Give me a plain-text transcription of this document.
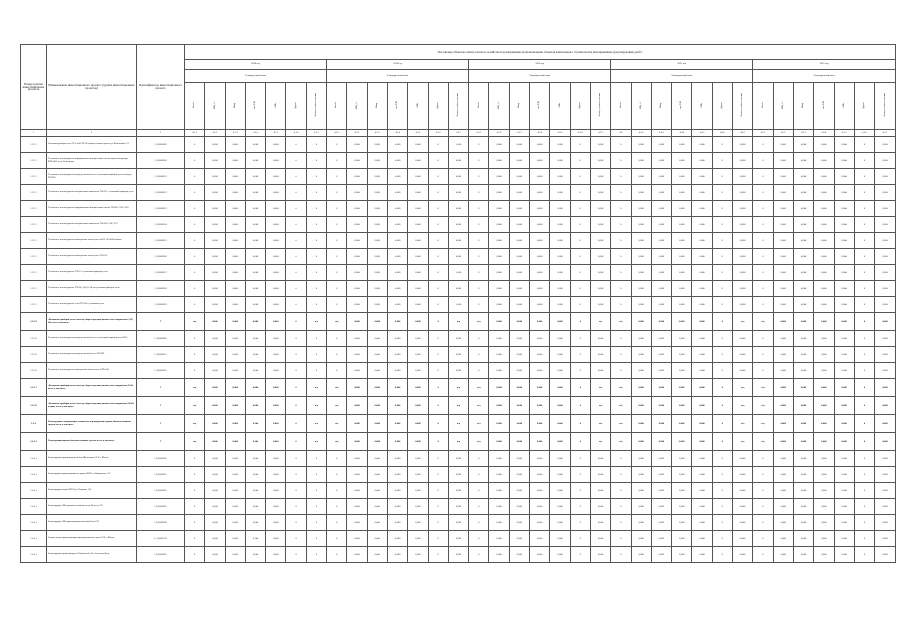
Номер группы инвестиционных проектов	Наименование инвестиционного проекта (группы инвестиционных проектов)	Идентификатор инвестиционного проекта	Постановка объектов электросетевого хозяйства под напряжение (или) включение объектов капитального строительства или временных (регулирующих) работ																																		
			2018 год							2019 год							2020 год							2021 год							2022 год						
			Утвержденный план							Утвержденный план							Утвержденный план							Утвержденный план							Утвержденный план						
			Гкал/ч	МВ×А	Мвар	км ЛЭП	МВт	Другое	Тонна условного топлива	Гкал/ч	МВ×А	Мвар	км ЛЭП	МВт	Другое	Тонна условного топлива	Гкал/ч	МВ×А	Мвар	км ЛЭП	МВт	Другое	Тонна условного топлива	Гкал/ч	МВ×А	Мвар	км ЛЭП	МВт	Другое	Тонна условного топлива	Гкал/ч	МВ×А	Мвар	км ЛЭП	МВт	Другое	Тонна условного топлива
1	2	3	4.1.1	4.1.2	4.1.3	4.1.4	4.1.5	4.1.6	4.1.7	4.2.1	4.2.2	4.2.3	4.2.4	4.2.5	4.2.6	4.2.7	4.3.1	4.3.2	4.3.3	4.3.4	4.3.5	4.3.6	4.3.7	4.4	4.4.2	4.4.3	4.4.4	4.4.5	4.4.6	4.4.7	4.5.1	4.5.2	4.5.3	4.5.4	4.5.5	4.5.6	4.5.7
1.2.2.1	Установка приборов учета ТУ-0,4 кВ ТП-29 на вводе в жилые дома по ул. Шепетовская, 2/1	J_0000000009	0	0,000	0,000	0,000	0,000	0	0	0	0,000	0,000	0,000	0,000	0	1,000	0	0,000	0,000	0,000	0,000	0	0,000	0	0,000	0,000	0,000	0,000	0	0,000	0	0,000	0,000	0,000	0,000	0	0,000
1.2.2.1	Техническое перевооружение информационно-измерительных систем при реконструкции КТП-4425 по ул. Белозерская	J_0000000010	0	0,000	0,000	0,000	0,000	0	0	0	0,000	0,000	0,000	0,000	0	0,000	0	0,000	0,000	0,000	0,000	0	0,000	0	0,000	0,000	0,000	0,000	0	0,000	0	0,000	0,000	0,000	0,000	0	0,000
1.2.2.1	Техническое перевооружение распределительной сети с установкой приборов учета на вводах ТП-3961	J_0000000011	0	0,000	0,000	0,000	0,000	0	0	0	0,000	0,000	0,000	0,000	0	0,000	0	0,000	0,000	0,000	0,000	0	0,000	0	0,000	0,000	0,000	0,000	0	0,000	0	0,000	0,000	0,000	0,000	0	0,000
1.2.2.1	Техническое перевооружение измерительных комплексов ТП-1231 с установкой приборов учета	J_0000000012	0	0,000	0,000	0,000	0,000	0	0	0	0,000	0,000	0,000	0,000	0	0,000	0	0,000	0,000	0,000	0,000	0	0,000	0	0,000	0,000	0,000	0,000	0	0,000	0	0,000	0,000	0,000	0,000	0	0,000
1.2.2.1	Техническое перевооружение информационно-измерительных систем ТП-2002, 2005, 2022	J_0000000013	0	0,000	0,000	0,000	0,000	0	0	0	0,000	0,000	0,000	0,000	0	0,000	0	0,000	0,000	0,000	0,000	0	0,000	0	0,000	0,000	0,000	0,000	0	0,000	0	0,000	0,000	0,000	0,000	0	0,000
1.2.2.1	Техническое перевооружение измерительных комплексов ТП-1248, 1249, 1271	J_0000000014	0	0,000	0,000	0,000	0,000	0	0	0	0,000	0,000	0,000	0,000	0	0,000	0	0,000	0,000	0,000	0,000	0	0,000	0	0,000	0,000	0,000	0,000	0	0,000	0	0,000	0,000	0,000	0,000	0	0,000
1.2.2.1	Техническое перевооружение коммерческих систем учета на ПС 110 кВ Восточная	J_0000000015	0	0,000	0,000	0,000	0,000	0	0	0	0,000	0,000	0,000	0,000	0	0,000	0	0,000	0,000	0,000	0,000	0	0,000	0	0,000	0,000	0,000	0,000	0	0,000	0	0,000	0,000	0,000	0,000	0	0,000
1.2.2.1	Техническое перевооружение коммерческих систем учета ТП-2151	J_0000000016	0	0,000	0,000	0,000	0,000	0	0	0	0,000	0,000	0,000	0,000	0	0,000	0	0,000	0,000	0,000	0,000	0	0,000	0	0,000	0,000	0,000	0,000	0	0,000	0	0,000	0,000	0,000	0,000	0	0,000
1.2.2.1	Техническое перевооружение ТП-113 с установкой приборов учета	J_0000000017	0	0,000	0,000	0,000	0,000	0	0	0	0,000	0,000	0,000	0,000	0	1,000	0	0,000	0,000	0,000	0,000	0	0,000	0	0,000	0,000	0,000	0,000	0	0,000	0	0,000	0,000	0,000	0,000	0	0,000
1.2.2.1	Техническое перевооружение ТП-938, 0,4/0,23 кВ для установки приборов учета	J_0000000018	0	0,000	0,000	0,000	0,000	0	0	0	0,000	0,000	0,000	0,000	0	0,000	0	0,000	0,000	0,000	0,000	0	0,000	0	0,000	0,000	0,000	0,000	0	0,000	0	0,000	0,000	0,000	0,000	0	0,000
1.2.2.1	Техническое перевооружение сетей ТП-156 с установкой учета	J_0000000019	0	0,000	0,000	0,000	0,000	0	0	0	0,000	0,000	0,000	0,000	0	1,000	0	0,000	0,000	0,000	0,000	0	0,000	0	0,000	0,000	0,000	0,000	0	0,000	0	0,000	0,000	0,000	0,000	0	0,000
1.2.2.6	«Включение приборов учета в систему сбора и передачи данных, класс напряжения 6 (10) кВ, всего, в том числе»	Г	н/д	0,000	0,000	0,000	0,000	0	н/д	н/д	0,000	0,000	0,000	0,000	0	н/д	н/д	0,000	0,000	0,000	0,000	0	н/д	н/д	0,000	0,000	0,000	0,000	0	н/д	н/д	0,000	0,000	0,000	0,000	0	0,000
1.2.2.6	Техническое перевооружение распределительной сети с установкой приборов учета РП-1	J_0000000020	0	0,000	0,000	0,000	0,000	0	0	0	0,000	0,000	0,000	0,000	0	0,000	0	0,000	0,000	0,000	0,000	0	0,000	0	0,000	0,000	0,000	0,000	0	0,000	0	0,000	0,000	0,000	0,000	0	0,000
1.2.2.6	Техническое перевооружение распределительной сети ТП-3961	J_0000000021	0	0,000	0,000	0,000	0,000	0	0	0	0,000	0,000	0,000	0,000	0	0,000	0	0,000	0,000	0,000	0,000	0	0,000	0	0,000	0,000	0,000	0,000	0	0,000	0	0,000	0,000	0,000	0,000	0	0,000
1.2.2.6	Техническое перевооружение коммерческих систем учета в ТП-6 кВ	J_0000000022	0	0,000	0,000	0,000	0,000	0	0	0	0,000	0,000	0,000	0,000	0	0,000	0	0,000	0,000	0,000	0,000	0	0,000	0	0,000	0,000	0,000	0,000	0	0,000	0	0,000	0,000	0,000	0,000	0	0,000
1.2.2.7	«Включение приборов учета в систему сбора и передачи данных, класс напряжения 35 кВ, всего, в том числе»	Г	н/д	0,000	0,000	0,000	0,000	0	н/д	н/д	0,000	0,000	0,000	0,000	0	н/д	н/д	0,000	0,000	0,000	0,000	0	н/д	н/д	0,000	0,000	0,000	0,000	0	н/д	н/д	0,000	0,000	0,000	0,000	0	0,000
1.2.2.8	«Включение приборов учета в систему сбора и передачи данных, класс напряжения 110 кВ и выше, всего, в том числе»	Г	н/д	0,000	0,000	0,000	0,000	0	н/д	н/д	0,000	0,000	0,000	0,000	0	н/д	н/д	0,000	0,000	0,000	0,000	0	н/д	н/д	0,000	0,000	0,000	0,000	0	н/д	н/д	0,000	0,000	0,000	0,000	0	0,000
1.2.4	Реконструкция, модернизация, техническое перевооружение прочих объектов основных средств, всего, в том числе:	Г	н/д	0,000	0,000	0,140	0,000	0	н/д	н/д	0,000	0,000	0,000	0,000	0	н/д	н/д	0,000	0,000	0,000	0,000	0	н/д	н/д	0,000	0,000	0,000	0,000	0	н/д	н/д	0,000	0,000	0,000	0,000	0	0,000
1.2.4.1	Реконструкция прочих объектов основных средств, всего, в том числе:	Г	н/д	0,000	0,000	0,140	0,000	0	н/д	н/д	0,000	0,000	0,000	0,000	0	н/д	н/д	0,000	0,000	0,000	0,000	0	н/д	н/д	0,000	0,000	0,000	0,000	0	н/д	н/д	0,000	0,000	0,000	0,000	0	0,000
1.2.4.1	Реконструкция производственной базы Шахтинского УЭС г. Шахты	I_0000000020	0	0,000	0,000	0,000	0,000	0	0	0	0,000	0,000	0,000	0,000	0	0,000	0	0,000	0,000	0,000	0,000	0	0,000	0	0,000	0,000	0,000	0,000	0	0,000	0	0,000	0,000	0,000	0,000	0	0,000
1.2.4.1	Реконструкция административного здания ОМЭС на Нариманова, 130	I_0000000021	0	0,000	0,000	0,000	0,000	0	0	0	0,000	0,000	0,000	0,000	0	0,000	0	0,000	0,000	0,000	0,000	0	0,000	0	0,000	0,000	0,000	0,000	0	0,000	0	0,000	0,000	0,000	0,000	0	0,000
1.2.4.1	Реконструкция склада ОМЭС (ул. Портовая, 7/4)	I_0000000022	0	0,000	0,000	0,000	0,000	0	0	0	0,000	0,000	0,000	0,000	0	0,000	0	0,000	0,000	0,000	0,000	0	0,000	0	0,000	0,000	0,000	0,000	0	0,000	0	0,000	0,000	0,000	0,000	0	0,000
1.2.4.1	Реконструкция АБК гаражного хозяйства по ул. Нансена, 239	I_0000000023	0	0,000	0,000	0,000	0,000	0	0	0	0,000	0,000	0,000	0,000	0	0,000	0	0,000	0,000	0,000	0,000	0	0,000	0	0,000	0,000	0,000	0,000	0	0,000	0	0,000	0,000	0,000	0,000	0	0,000
1.2.4.1	Реконструкция АБК административно-бытовой базы ЗЭС	I_0000000024	0	0,000	0,000	0,000	0,000	0	0	0	0,000	0,000	0,000	0,000	0	0,000	0	0,000	0,000	0,000	0,000	0	0,000	0	0,000	0,000	0,000	0,000	0	0,000	0	0,000	0,000	0,000	0,000	0	0,000
1.2.4.1	Строительство административно-производственного здания РЭС г. Шахты	G_1150000725	0	0,000	0,000	0,140	0,000	0	0	0	0,000	0,000	0,000	0,000	0	0,000	0	0,000	0,000	0,000	0,000	0	0,000	0	0,000	0,000	0,000	0,000	0	0,000	0	0,000	0,000	0,000	0,000	0	0,000
1.2.4.1	Реконструкция прочих фондов по Набережной, 2/4 г. Ростов-на-Дону	I_0000000025	0	0,000	0,000	0,000	0,000	0	0	0	0,000	0,000	0,000	0,000	0	0,000	0	0,000	0,000	0,000	0,000	0	0,000	0	0,000	0,000	0,000	0,000	0	0,000	0	0,000	0,000	0,000	0,000	0	0,000
